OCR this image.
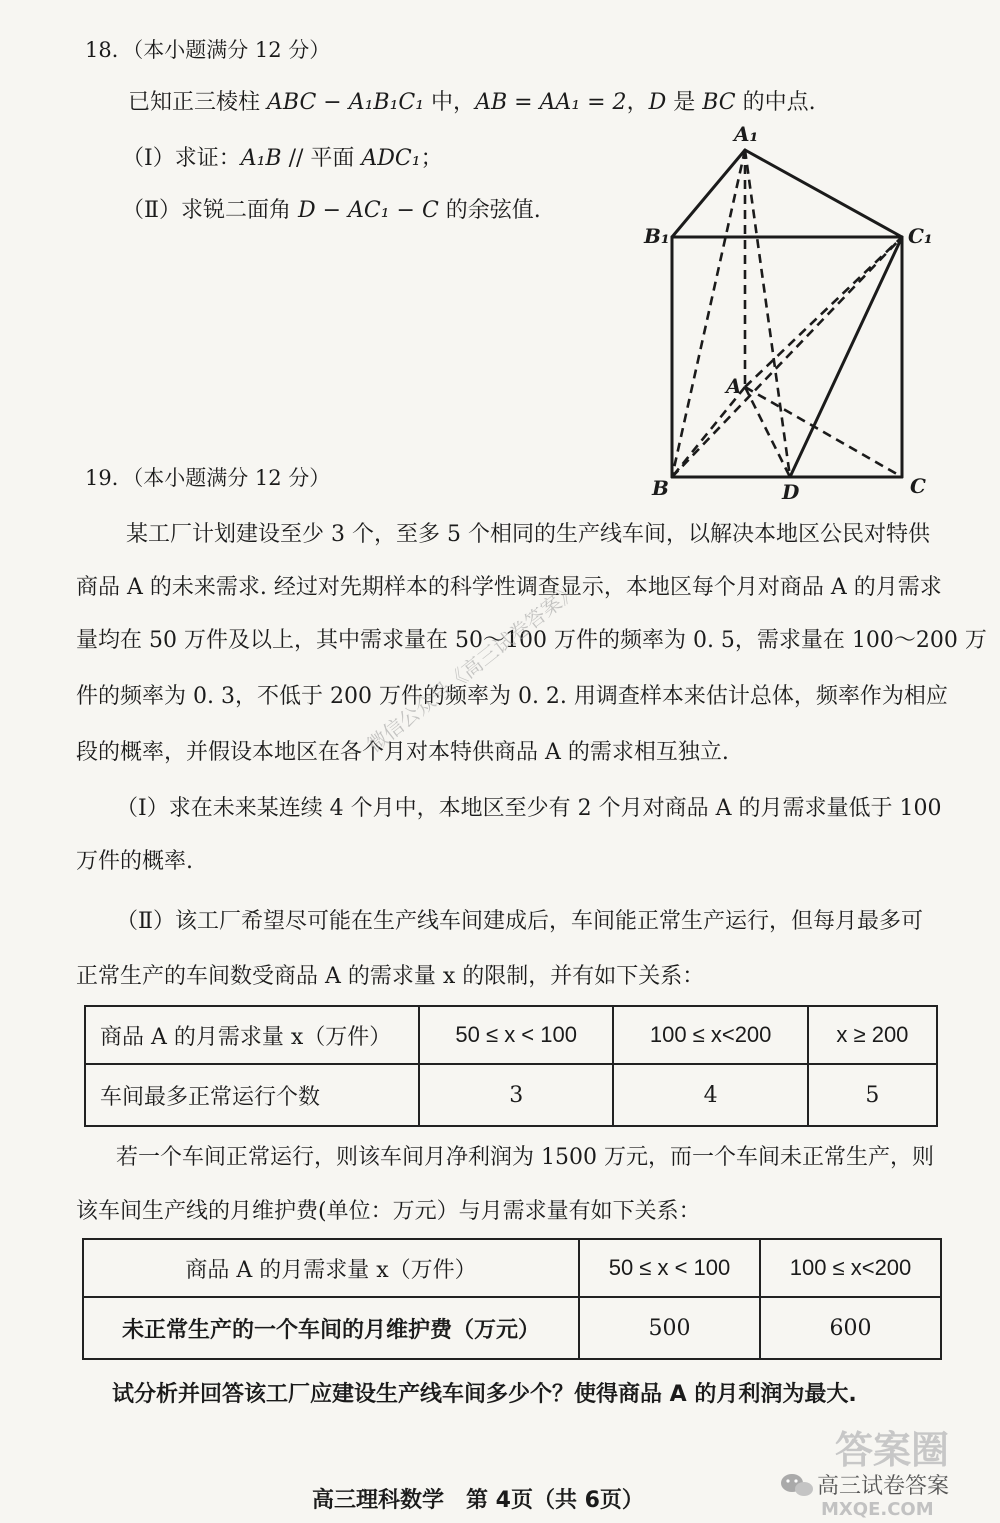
18．（本小题满分 12 分）
已知正三棱柱 ABC − A₁B₁C₁ 中，AB = AA₁ = 2，D 是 BC 的中点.
（Ⅰ）求证：A₁B // 平面 ADC₁；
（Ⅱ）求锐二面角 D − AC₁ − C 的余弦值.
A₁
B₁	C₁
A
B	D	C
19．（本小题满分 12 分）
某工厂计划建设至少 3 个，至多 5 个相同的生产线车间，以解决本地区公民对特供
商品 A 的未来需求. 经过对先期样本的科学性调查显示，本地区每个月对商品 A 的月需求
量均在 50 万件及以上，其中需求量在 50～100 万件的频率为 0. 5，需求量在 100～200 万
件的频率为 0. 3，不低于 200 万件的频率为 0. 2. 用调查样本来估计总体，频率作为相应
段的概率，并假设本地区在各个月对本特供商品 A 的需求相互独立.
（Ⅰ）求在未来某连续 4 个月中，本地区至少有 2 个月对商品 A 的月需求量低于 100
万件的概率.
（Ⅱ）该工厂希望尽可能在生产线车间建成后，车间能正常生产运行，但每月最多可
正常生产的车间数受商品 A 的需求量 x 的限制，并有如下关系：
微信公众号《高三试卷答案》
商品 A 的月需求量 x（万件）	50 ≤ x < 100	100 ≤ x<200	x ≥ 200
车间最多正常运行个数	3	4	5
若一个车间正常运行，则该车间月净利润为 1500 万元，而一个车间未正常生产，则
该车间生产线的月维护费(单位：万元）与月需求量有如下关系：
商品 A 的月需求量 x（万件）	50 ≤ x < 100	100 ≤ x<200
未正常生产的一个车间的月维护费（万元）	500	600
试分析并回答该工厂应建设生产线车间多少个？使得商品 A 的月利润为最大.
高三理科数学　第 4页（共 6页）
答案圈
高三试卷答案
MXQE.COM
